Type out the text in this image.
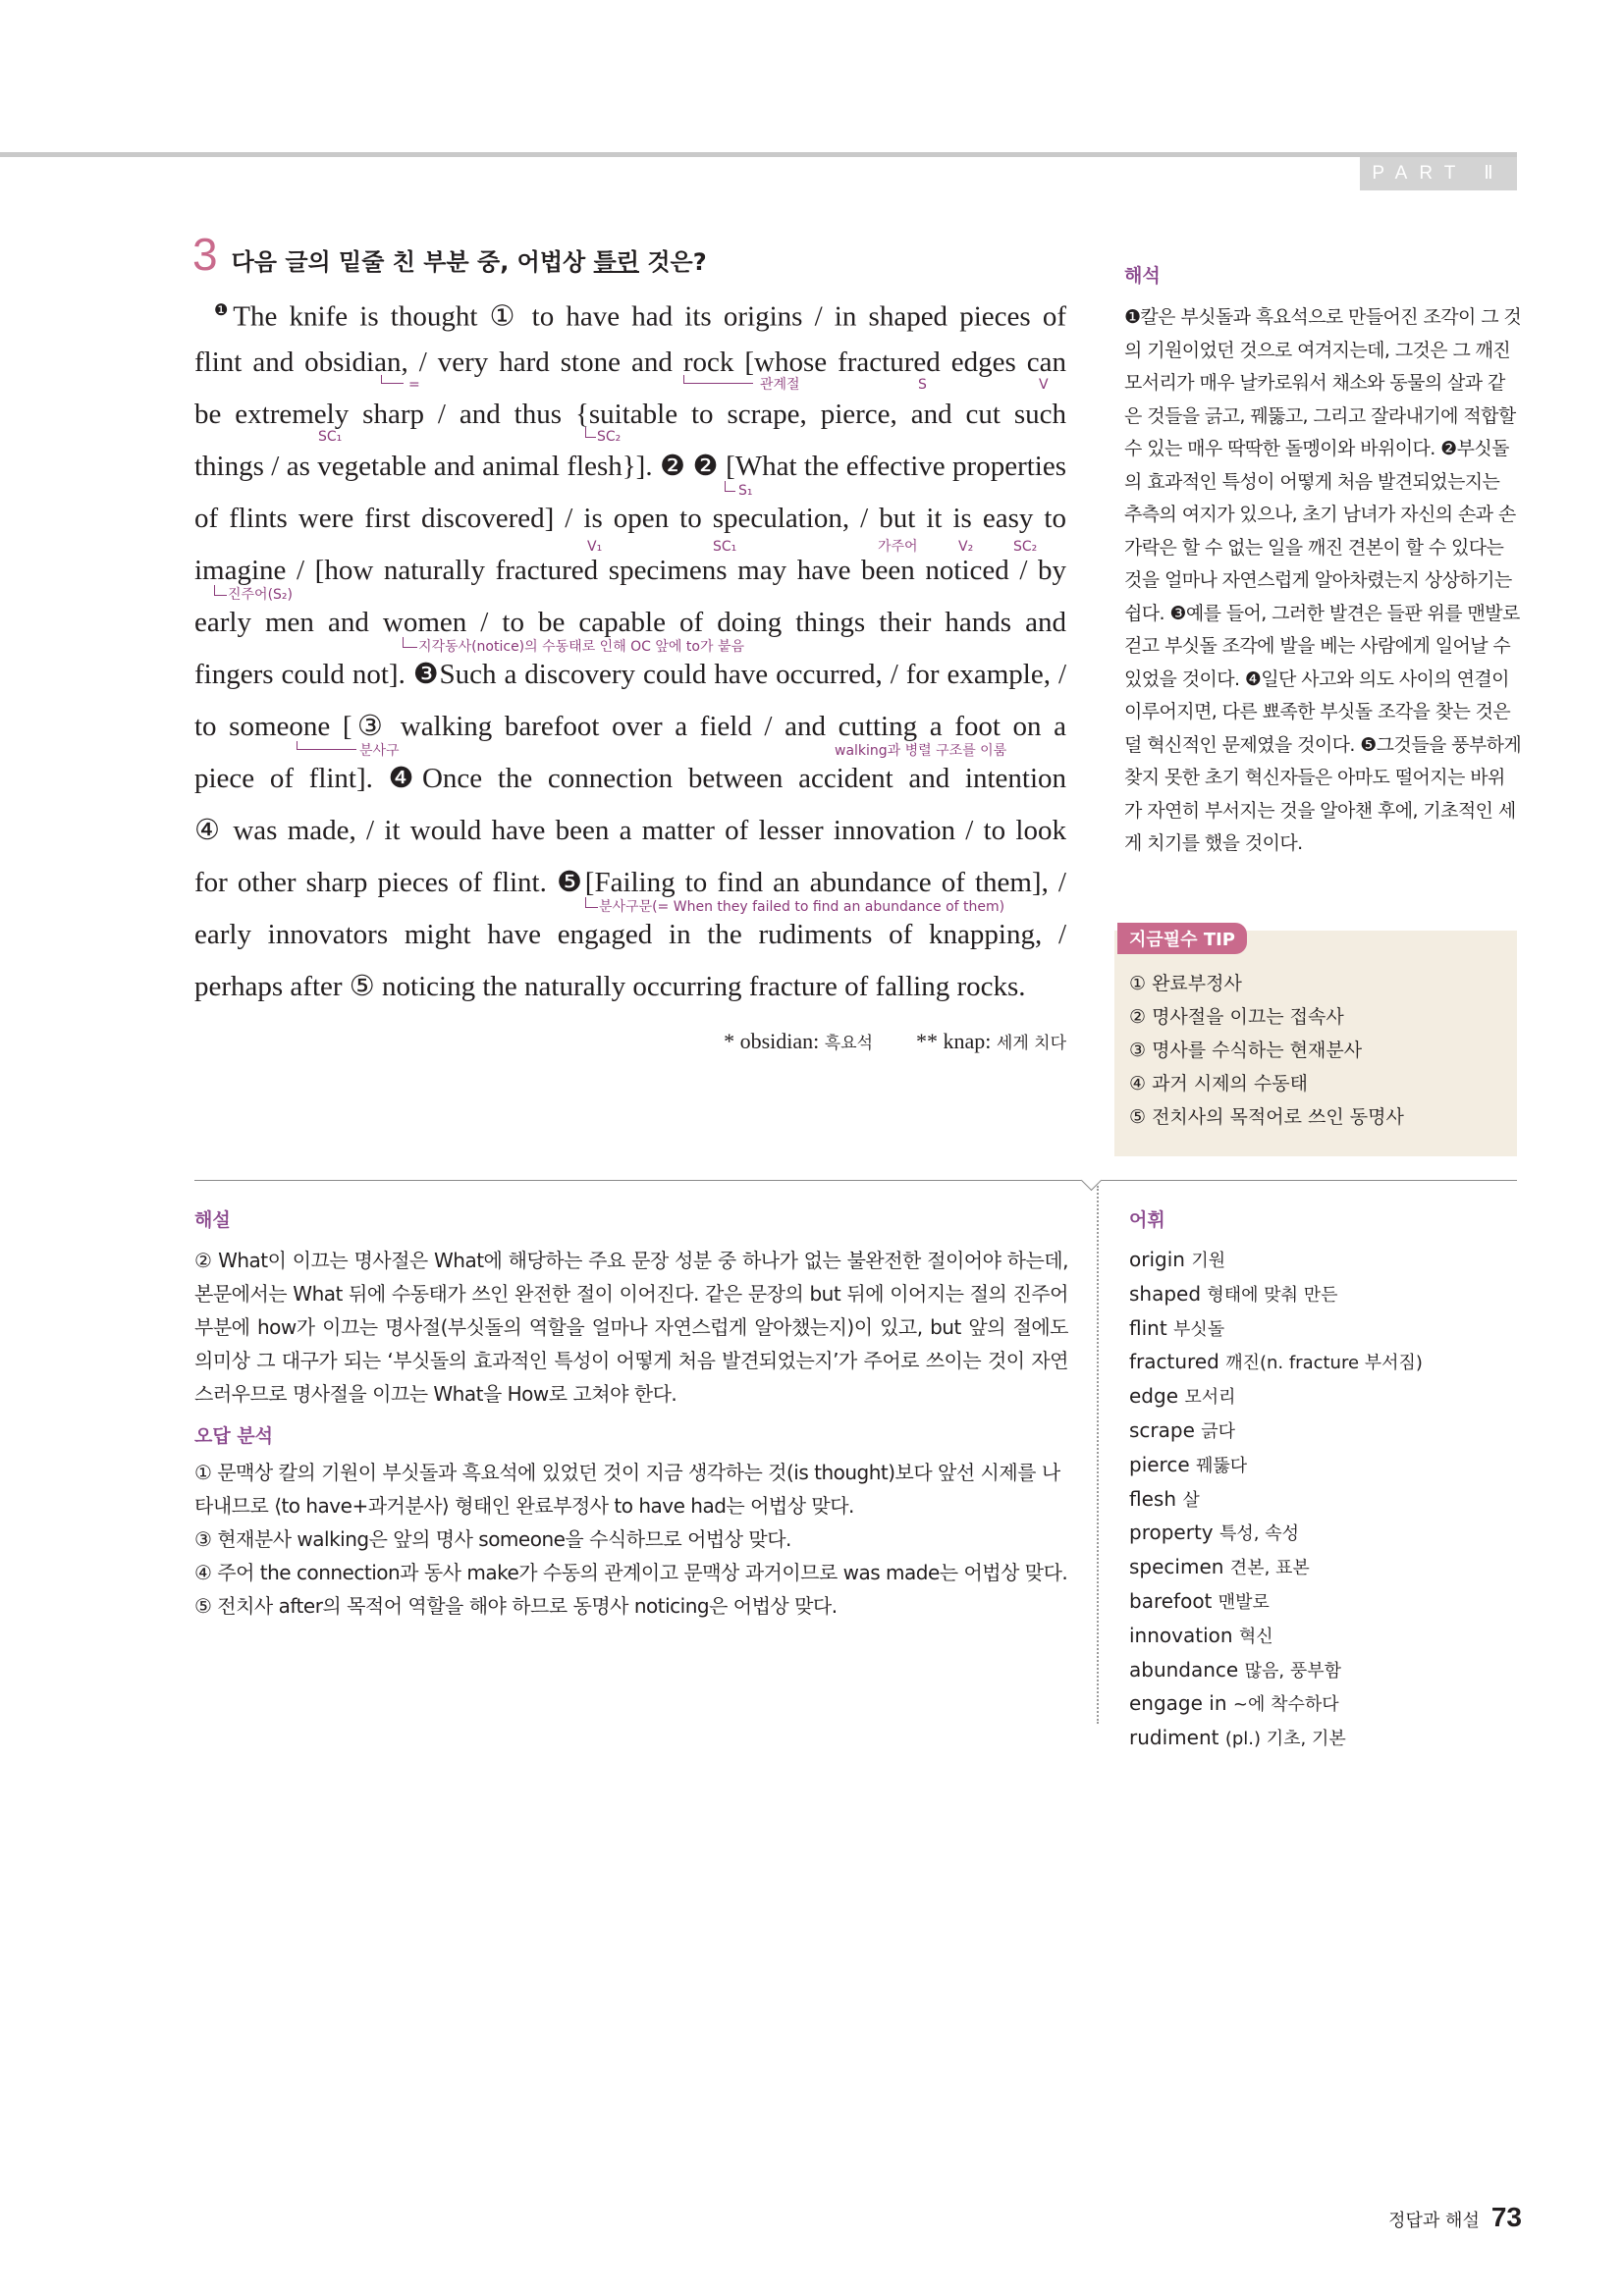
PART Ⅱ
3 다음 글의 밑줄 친 부분 중, 어법상 틀린 것은?
$^❶$The knife is thought ① to have had its origins / in shaped pieces of
flint and obsidian, / very hard stone and rock [whose fractured edges can
be extremely sharp / and thus {suitable to scrape, pierce, and cut such
things / as vegetable and animal flesh}]. ❷ ❷ [What the effective properties
of flints were first discovered] / is open to speculation, / but it is easy to
imagine / [how naturally fractured specimens may have been noticed / by
early men and women / to be capable of doing things their hands and
fingers could not]. ❸Such a discovery could have occurred, / for example, /
to someone [③ walking barefoot over a field / and cutting a foot on a
piece of flint]. ❹Once the connection between accident and intention
④ was made, / it would have been a matter of lesser innovation / to look
for other sharp pieces of flint. ❺[Failing to find an abundance of them], /
early innovators might have engaged in the rudiments of knapping, /
perhaps after ⑤ noticing the naturally occurring fracture of falling rocks.
=	관계절	S	V
SC₁	SC₂
S₁
V₁	SC₁	가주어	V₂	SC₂
진주어(S₂)
지각동사(notice)의 수동태로 인해 OC 앞에 to가 붙음
분사구	walking과 병렬 구조를 이룸
분사구문(= When they failed to find an abundance of them)
* obsidian: 흑요석 ** knap: 세게 치다
해석
❶칼은 부싯돌과 흑요석으로 만들어진 조각이 그 것의 기원이었던 것으로 여겨지는데, 그것은 그 깨진 모서리가 매우 날카로워서 채소와 동물의 살과 같은 것들을 긁고, 꿰뚫고, 그리고 잘라내기에 적합할 수 있는 매우 딱딱한 돌멩이와 바위이다. ❷부싯돌의 효과적인 특성이 어떻게 처음 발견되었는지는 추측의 여지가 있으나, 초기 남녀가 자신의 손과 손가락은 할 수 없는 일을 깨진 견본이 할 수 있다는 것을 얼마나 자연스럽게 알아차렸는지 상상하기는 쉽다. ❸예를 들어, 그러한 발견은 들판 위를 맨발로 걷고 부싯돌 조각에 발을 베는 사람에게 일어날 수 있었을 것이다. ❹일단 사고와 의도 사이의 연결이 이루어지면, 다른 뾰족한 부싯돌 조각을 찾는 것은 덜 혁신적인 문제였을 것이다. ❺그것들을 풍부하게 찾지 못한 초기 혁신자들은 아마도 떨어지는 바위가 자연히 부서지는 것을 알아챈 후에, 기초적인 세게 치기를 했을 것이다.
지금필수 TIP
① 완료부정사
② 명사절을 이끄는 접속사
③ 명사를 수식하는 현재분사
④ 과거 시제의 수동태
⑤ 전치사의 목적어로 쓰인 동명사
해설
② What이 이끄는 명사절은 What에 해당하는 주요 문장 성분 중 하나가 없는 불완전한 절이어야 하는데, 본문에서는 What 뒤에 수동태가 쓰인 완전한 절이 이어진다. 같은 문장의 but 뒤에 이어지는 절의 진주어 부분에 how가 이끄는 명사절(부싯돌의 역할을 얼마나 자연스럽게 알아챘는지)이 있고, but 앞의 절에도 의미상 그 대구가 되는 ‘부싯돌의 효과적인 특성이 어떻게 처음 발견되었는지’가 주어로 쓰이는 것이 자연스러우므로 명사절을 이끄는 What을 How로 고쳐야 한다.
오답 분석
① 문맥상 칼의 기원이 부싯돌과 흑요석에 있었던 것이 지금 생각하는 것(is thought)보다 앞선 시제를 나타내므로 ⟨to have+과거분사⟩ 형태인 완료부정사 to have had는 어법상 맞다.
③ 현재분사 walking은 앞의 명사 someone을 수식하므로 어법상 맞다.
④ 주어 the connection과 동사 make가 수동의 관계이고 문맥상 과거이므로 was made는 어법상 맞다.
⑤ 전치사 after의 목적어 역할을 해야 하므로 동명사 noticing은 어법상 맞다.
어휘
origin 기원
shaped 형태에 맞춰 만든
flint 부싯돌
fractured 깨진(n. fracture 부서짐)
edge 모서리
scrape 긁다
pierce 꿰뚫다
flesh 살
property 특성, 속성
specimen 견본, 표본
barefoot 맨발로
innovation 혁신
abundance 많음, 풍부함
engage in ~에 착수하다
rudiment (pl.) 기초, 기본
정답과 해설 73
